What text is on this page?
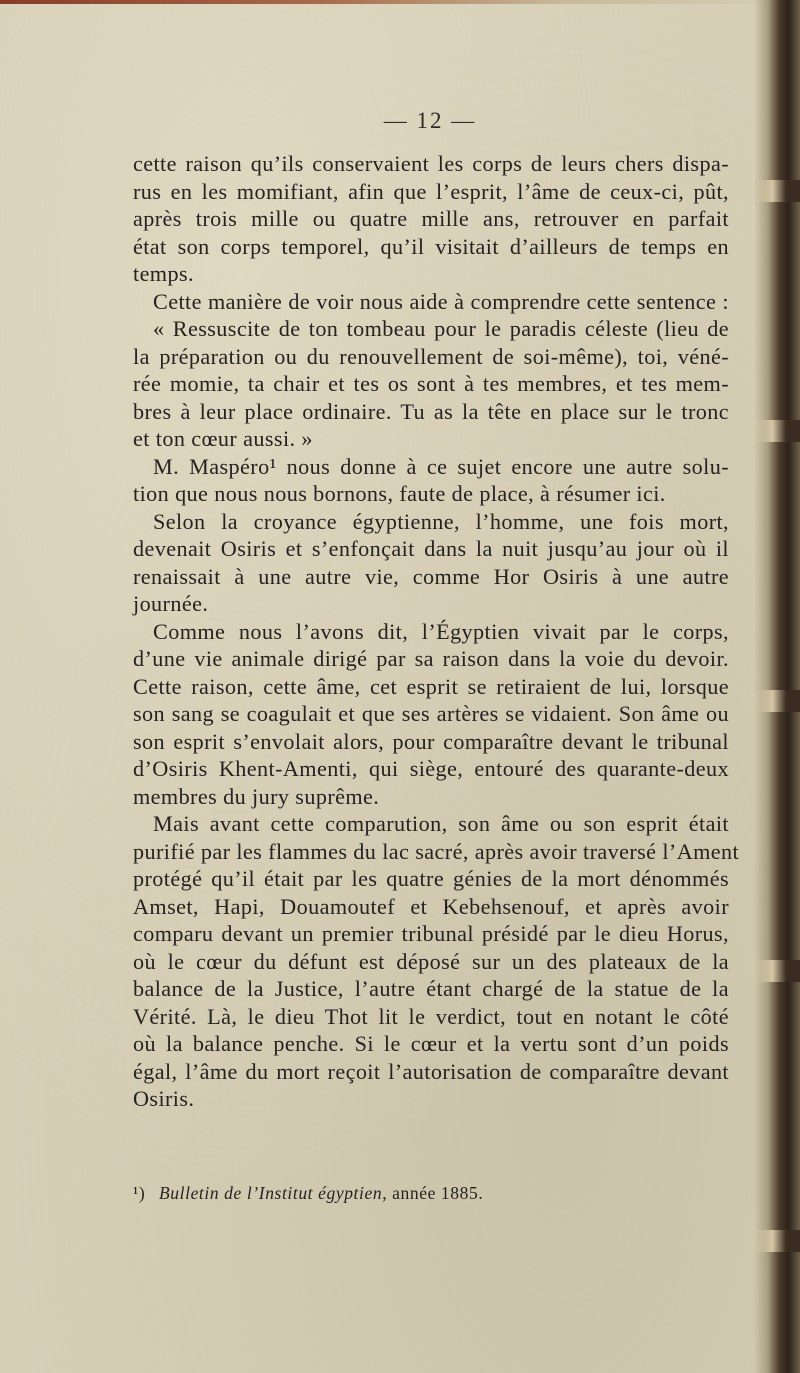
— 12 —
cette raison qu’ils conservaient les corps de leurs chers dispa-
rus en les momifiant, afin que l’esprit, l’âme de ceux-ci, pût,
après trois mille ou quatre mille ans, retrouver en parfait
état son corps temporel, qu’il visitait d’ailleurs de temps en
temps.
Cette manière de voir nous aide à comprendre cette sentence :
« Ressuscite de ton tombeau pour le paradis céleste (lieu de
la préparation ou du renouvellement de soi-même), toi, véné-
rée momie, ta chair et tes os sont à tes membres, et tes mem-
bres à leur place ordinaire. Tu as la tête en place sur le tronc
et ton cœur aussi. »
M. Maspéro¹ nous donne à ce sujet encore une autre solu-
tion que nous nous bornons, faute de place, à résumer ici.
Selon la croyance égyptienne, l’homme, une fois mort,
devenait Osiris et s’enfonçait dans la nuit jusqu’au jour où il
renaissait à une autre vie, comme Hor Osiris à une autre
journée.
Comme nous l’avons dit, l’Égyptien vivait par le corps,
d’une vie animale dirigé par sa raison dans la voie du devoir.
Cette raison, cette âme, cet esprit se retiraient de lui, lorsque
son sang se coagulait et que ses artères se vidaient. Son âme ou
son esprit s’envolait alors, pour comparaître devant le tribunal
d’Osiris Khent-Amenti, qui siège, entouré des quarante-deux
membres du jury suprême.
Mais avant cette comparution, son âme ou son esprit était
purifié par les flammes du lac sacré, après avoir traversé l’Ament
protégé qu’il était par les quatre génies de la mort dénommés
Amset, Hapi, Douamoutef et Kebehsenouf, et après avoir
comparu devant un premier tribunal présidé par le dieu Horus,
où le cœur du défunt est déposé sur un des plateaux de la
balance de la Justice, l’autre étant chargé de la statue de la
Vérité. Là, le dieu Thot lit le verdict, tout en notant le côté
où la balance penche. Si le cœur et la vertu sont d’un poids
égal, l’âme du mort reçoit l’autorisation de comparaître devant
Osiris.
¹) Bulletin de l’Institut égyptien, année 1885.
